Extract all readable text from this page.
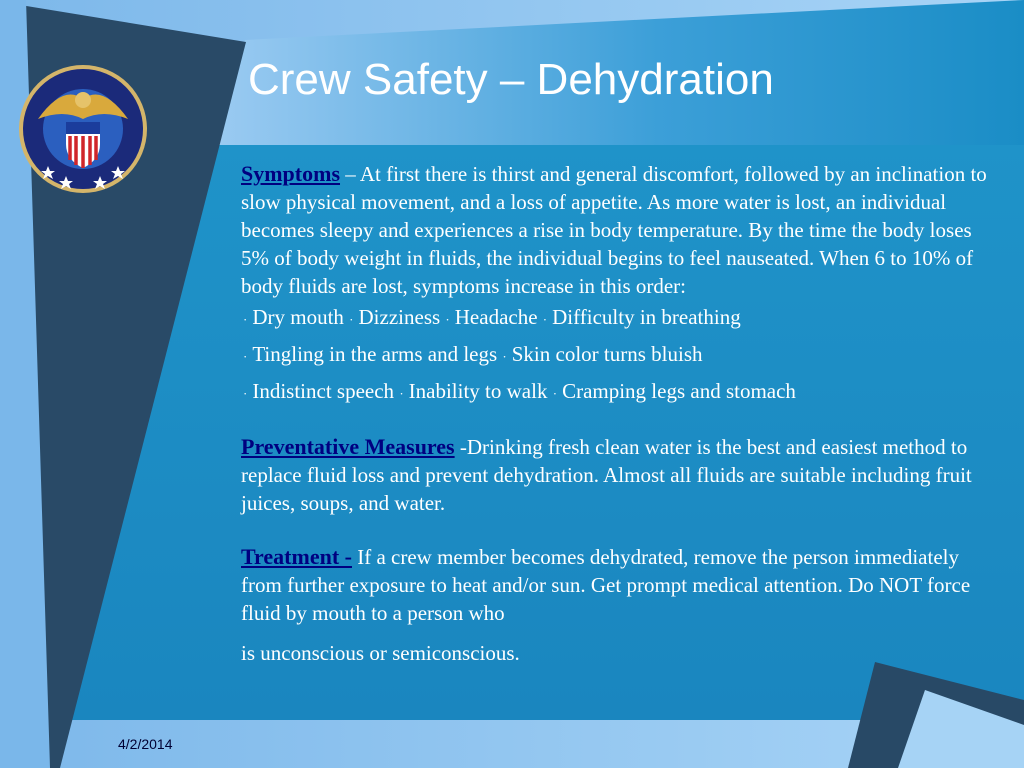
Crew Safety – Dehydration

Symptoms – At first there is thirst and general discomfort, followed by an inclination to slow physical movement, and a loss of appetite. As more water is lost, an individual becomes sleepy and experiences a rise in body temperature. By the time the body loses 5% of body weight in fluids, the individual begins to feel nauseated. When 6 to 10% of body fluids are lost, symptoms increase in this order:

· Dry mouth · Dizziness · Headache · Difficulty in breathing

· Tingling in the arms and legs · Skin color turns bluish

· Indistinct speech · Inability to walk · Cramping legs and stomach

Preventative Measures -Drinking fresh clean water is the best and easiest method to replace fluid loss and prevent dehydration. Almost all fluids are suitable including fruit juices, soups, and water.

Treatment - If a crew member becomes dehydrated, remove the person immediately from further exposure to heat and/or sun. Get prompt medical attention. Do NOT force fluid by mouth to a person who

is unconscious or semiconscious.

4/2/2014
